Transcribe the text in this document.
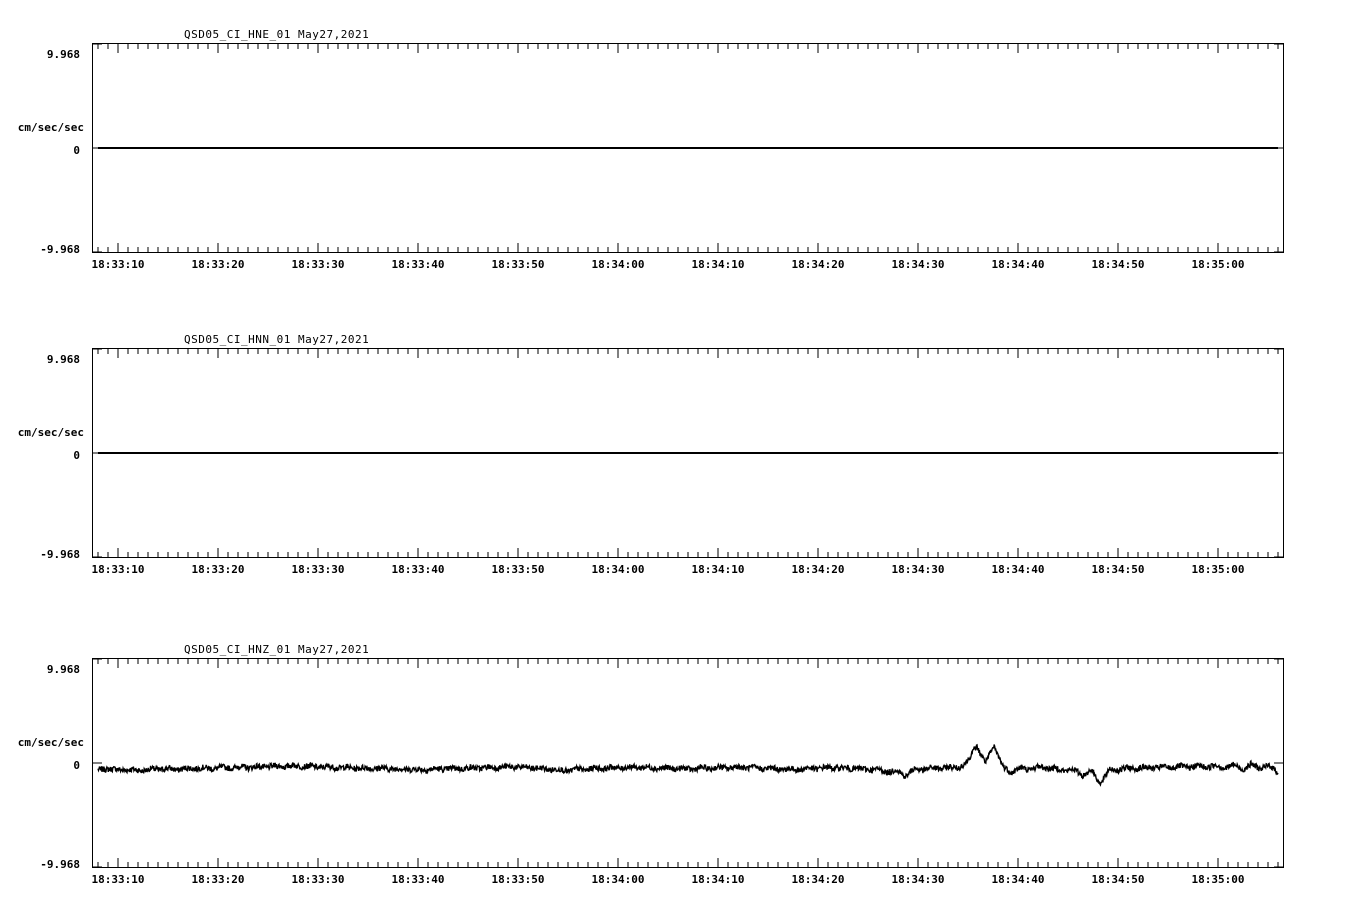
QSD05_CI_HNE_01 May27,2021
9.968
cm/sec/sec
0
-9.968
18:33:10	18:33:20	18:33:30	18:33:40	18:33:50	18:34:00	18:34:10	18:34:20	18:34:30	18:34:40	18:34:50	18:35:00
QSD05_CI_HNN_01 May27,2021
9.968
cm/sec/sec
0
-9.968
18:33:10	18:33:20	18:33:30	18:33:40	18:33:50	18:34:00	18:34:10	18:34:20	18:34:30	18:34:40	18:34:50	18:35:00
QSD05_CI_HNZ_01 May27,2021
9.968
cm/sec/sec
0
-9.968
18:33:10	18:33:20	18:33:30	18:33:40	18:33:50	18:34:00	18:34:10	18:34:20	18:34:30	18:34:40	18:34:50	18:35:00
